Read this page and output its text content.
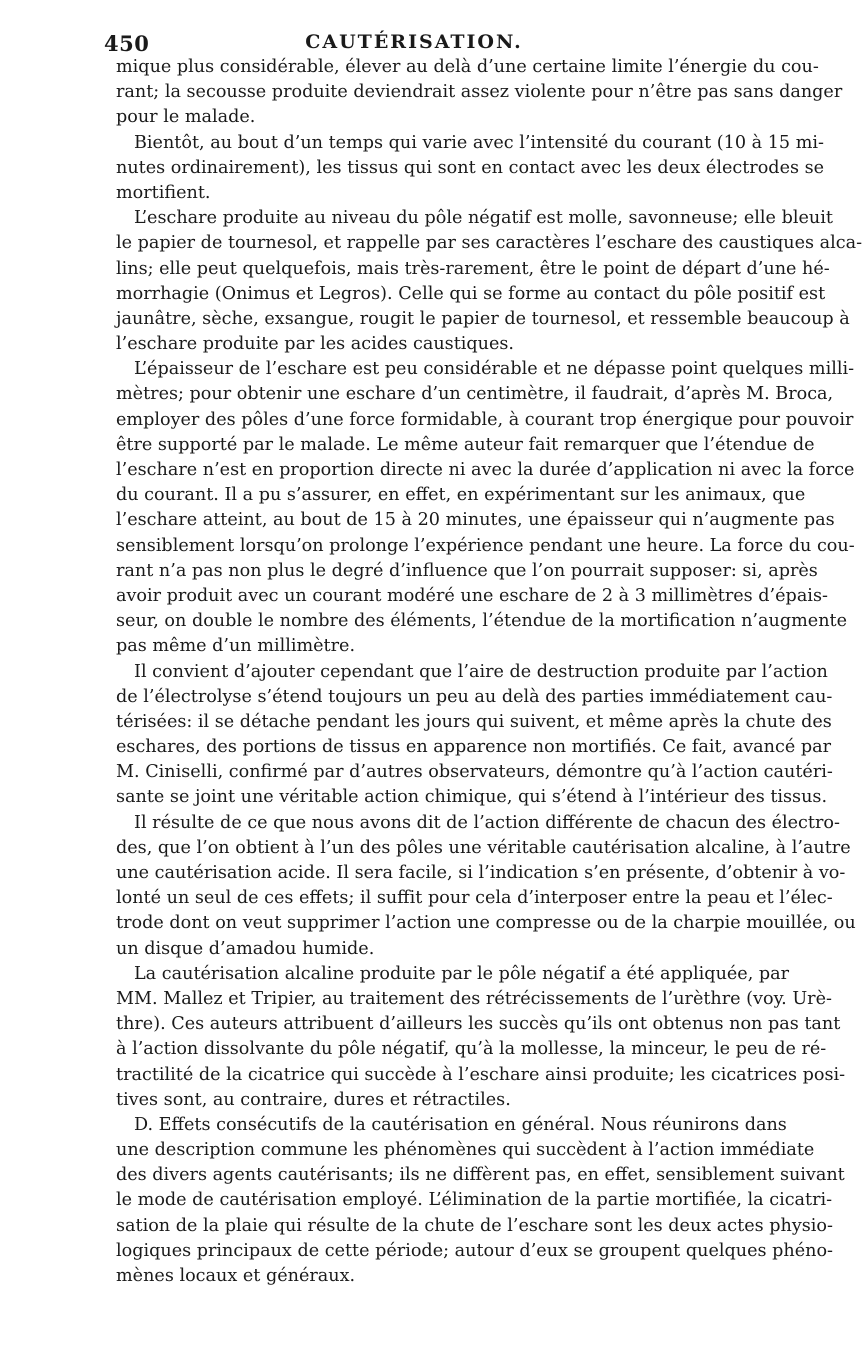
450	CAUTÉRISATION.
mique plus considérable, élever au delà d’une certaine limite l’énergie du cou-
rant; la secousse produite deviendrait assez violente pour n’être pas sans danger
pour le malade.
Bientôt, au bout d’un temps qui varie avec l’intensité du courant (10 à 15 mi-
nutes ordinairement), les tissus qui sont en contact avec les deux électrodes se
mortifient.
L’eschare produite au niveau du pôle négatif est molle, savonneuse; elle bleuit
le papier de tournesol, et rappelle par ses caractères l’eschare des caustiques alca-
lins; elle peut quelquefois, mais très-rarement, être le point de départ d’une hé-
morrhagie (Onimus et Legros). Celle qui se forme au contact du pôle positif est
jaunâtre, sèche, exsangue, rougit le papier de tournesol, et ressemble beaucoup à
l’eschare produite par les acides caustiques.
L’épaisseur de l’eschare est peu considérable et ne dépasse point quelques milli-
mètres; pour obtenir une eschare d’un centimètre, il faudrait, d’après M. Broca,
employer des pôles d’une force formidable, à courant trop énergique pour pouvoir
être supporté par le malade. Le même auteur fait remarquer que l’étendue de
l’eschare n’est en proportion directe ni avec la durée d’application ni avec la force
du courant. Il a pu s’assurer, en effet, en expérimentant sur les animaux, que
l’eschare atteint, au bout de 15 à 20 minutes, une épaisseur qui n’augmente pas
sensiblement lorsqu’on prolonge l’expérience pendant une heure. La force du cou-
rant n’a pas non plus le degré d’influence que l’on pourrait supposer: si, après
avoir produit avec un courant modéré une eschare de 2 à 3 millimètres d’épais-
seur, on double le nombre des éléments, l’étendue de la mortification n’augmente
pas même d’un millimètre.
Il convient d’ajouter cependant que l’aire de destruction produite par l’action
de l’électrolyse s’étend toujours un peu au delà des parties immédiatement cau-
térisées: il se détache pendant les jours qui suivent, et même après la chute des
eschares, des portions de tissus en apparence non mortifiés. Ce fait, avancé par
M. Ciniselli, confirmé par d’autres observateurs, démontre qu’à l’action cautéri-
sante se joint une véritable action chimique, qui s’étend à l’intérieur des tissus.
Il résulte de ce que nous avons dit de l’action différente de chacun des électro-
des, que l’on obtient à l’un des pôles une véritable cautérisation alcaline, à l’autre
une cautérisation acide. Il sera facile, si l’indication s’en présente, d’obtenir à vo-
lonté un seul de ces effets; il suffit pour cela d’interposer entre la peau et l’élec-
trode dont on veut supprimer l’action une compresse ou de la charpie mouillée, ou
un disque d’amadou humide.
La cautérisation alcaline produite par le pôle négatif a été appliquée, par
MM. Mallez et Tripier, au traitement des rétrécissements de l’urèthre (voy. Urè-
thre). Ces auteurs attribuent d’ailleurs les succès qu’ils ont obtenus non pas tant
à l’action dissolvante du pôle négatif, qu’à la mollesse, la minceur, le peu de ré-
tractilité de la cicatrice qui succède à l’eschare ainsi produite; les cicatrices posi-
tives sont, au contraire, dures et rétractiles.
D. Effets consécutifs de la cautérisation en général. Nous réunirons dans
une description commune les phénomènes qui succèdent à l’action immédiate
des divers agents cautérisants; ils ne diffèrent pas, en effet, sensiblement suivant
le mode de cautérisation employé. L’élimination de la partie mortifiée, la cicatri-
sation de la plaie qui résulte de la chute de l’eschare sont les deux actes physio-
logiques principaux de cette période; autour d’eux se groupent quelques phéno-
mènes locaux et généraux.
